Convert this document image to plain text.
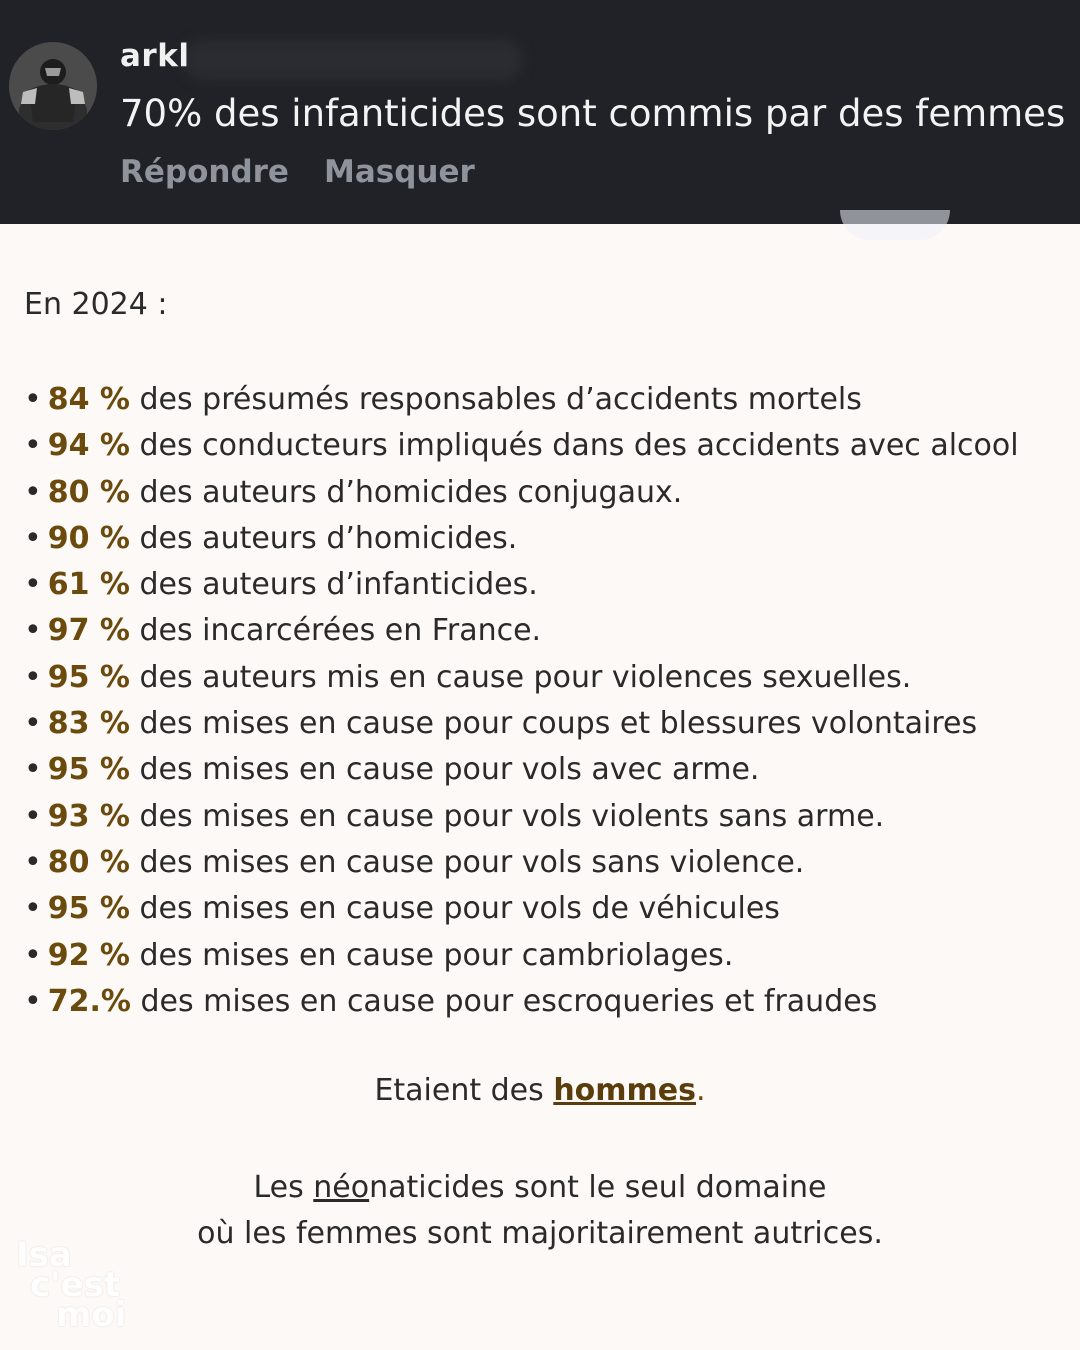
arkl
70% des infanticides sont commis par des femmes
Répondre Masquer
En 2024 :
• 84 % des présumés responsables d’accidents mortels
• 94 % des conducteurs impliqués dans des accidents avec alcool
• 80 % des auteurs d’homicides conjugaux.
• 90 % des auteurs d’homicides.
• 61 % des auteurs d’infanticides.
• 97 % des incarcérées en France.
• 95 % des auteurs mis en cause pour violences sexuelles.
• 83 % des mises en cause pour coups et blessures volontaires
• 95 % des mises en cause pour vols avec arme.
• 93 % des mises en cause pour vols violents sans arme.
• 80 % des mises en cause pour vols sans violence.
• 95 % des mises en cause pour vols de véhicules
• 92 % des mises en cause pour cambriolages.
• 72.% des mises en cause pour escroqueries et fraudes
Etaient des hommes.
Les néonaticides sont le seul domaine
où les femmes sont majoritairement autrices.
Isa
c'est
moi
